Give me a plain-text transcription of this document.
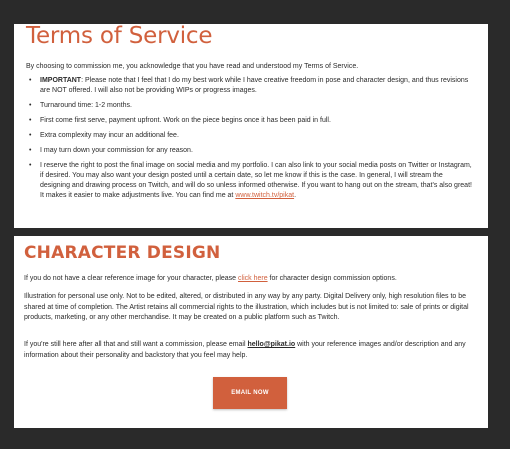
Terms of Service

By choosing to commission me, you acknowledge that you have read and understood my Terms of Service.

• IMPORTANT: Please note that I feel that I do my best work while I have creative freedom in pose and character design, and thus revisions are NOT offered. I will also not be providing WIPs or progress images.
• Turnaround time: 1-2 months.
• First come first serve, payment upfront. Work on the piece begins once it has been paid in full.
• Extra complexity may incur an additional fee.
• I may turn down your commission for any reason.
• I reserve the right to post the final image on social media and my portfolio. I can also link to your social media posts on Twitter or Instagram, if desired. You may also want your design posted until a certain date, so let me know if this is the case. In general, I will stream the designing and drawing process on Twitch, and will do so unless informed otherwise. If you want to hang out on the stream, that's also great! It makes it easier to make adjustments live. You can find me at www.twitch.tv/pikat.
CHARACTER DESIGN

If you do not have a clear reference image for your character, please click here for character design commission options.

Illustration for personal use only. Not to be edited, altered, or distributed in any way by any party. Digital Delivery only, high resolution files to be shared at time of completion. The Artist retains all commercial rights to the illustration, which includes but is not limited to: sale of prints or digital products, marketing, or any other merchandise. It may be created on a public platform such as Twitch.

If you're still here after all that and still want a commission, please email hello@pikat.io with your reference images and/or description and any information about their personality and backstory that you feel may help.

EMAIL NOW
